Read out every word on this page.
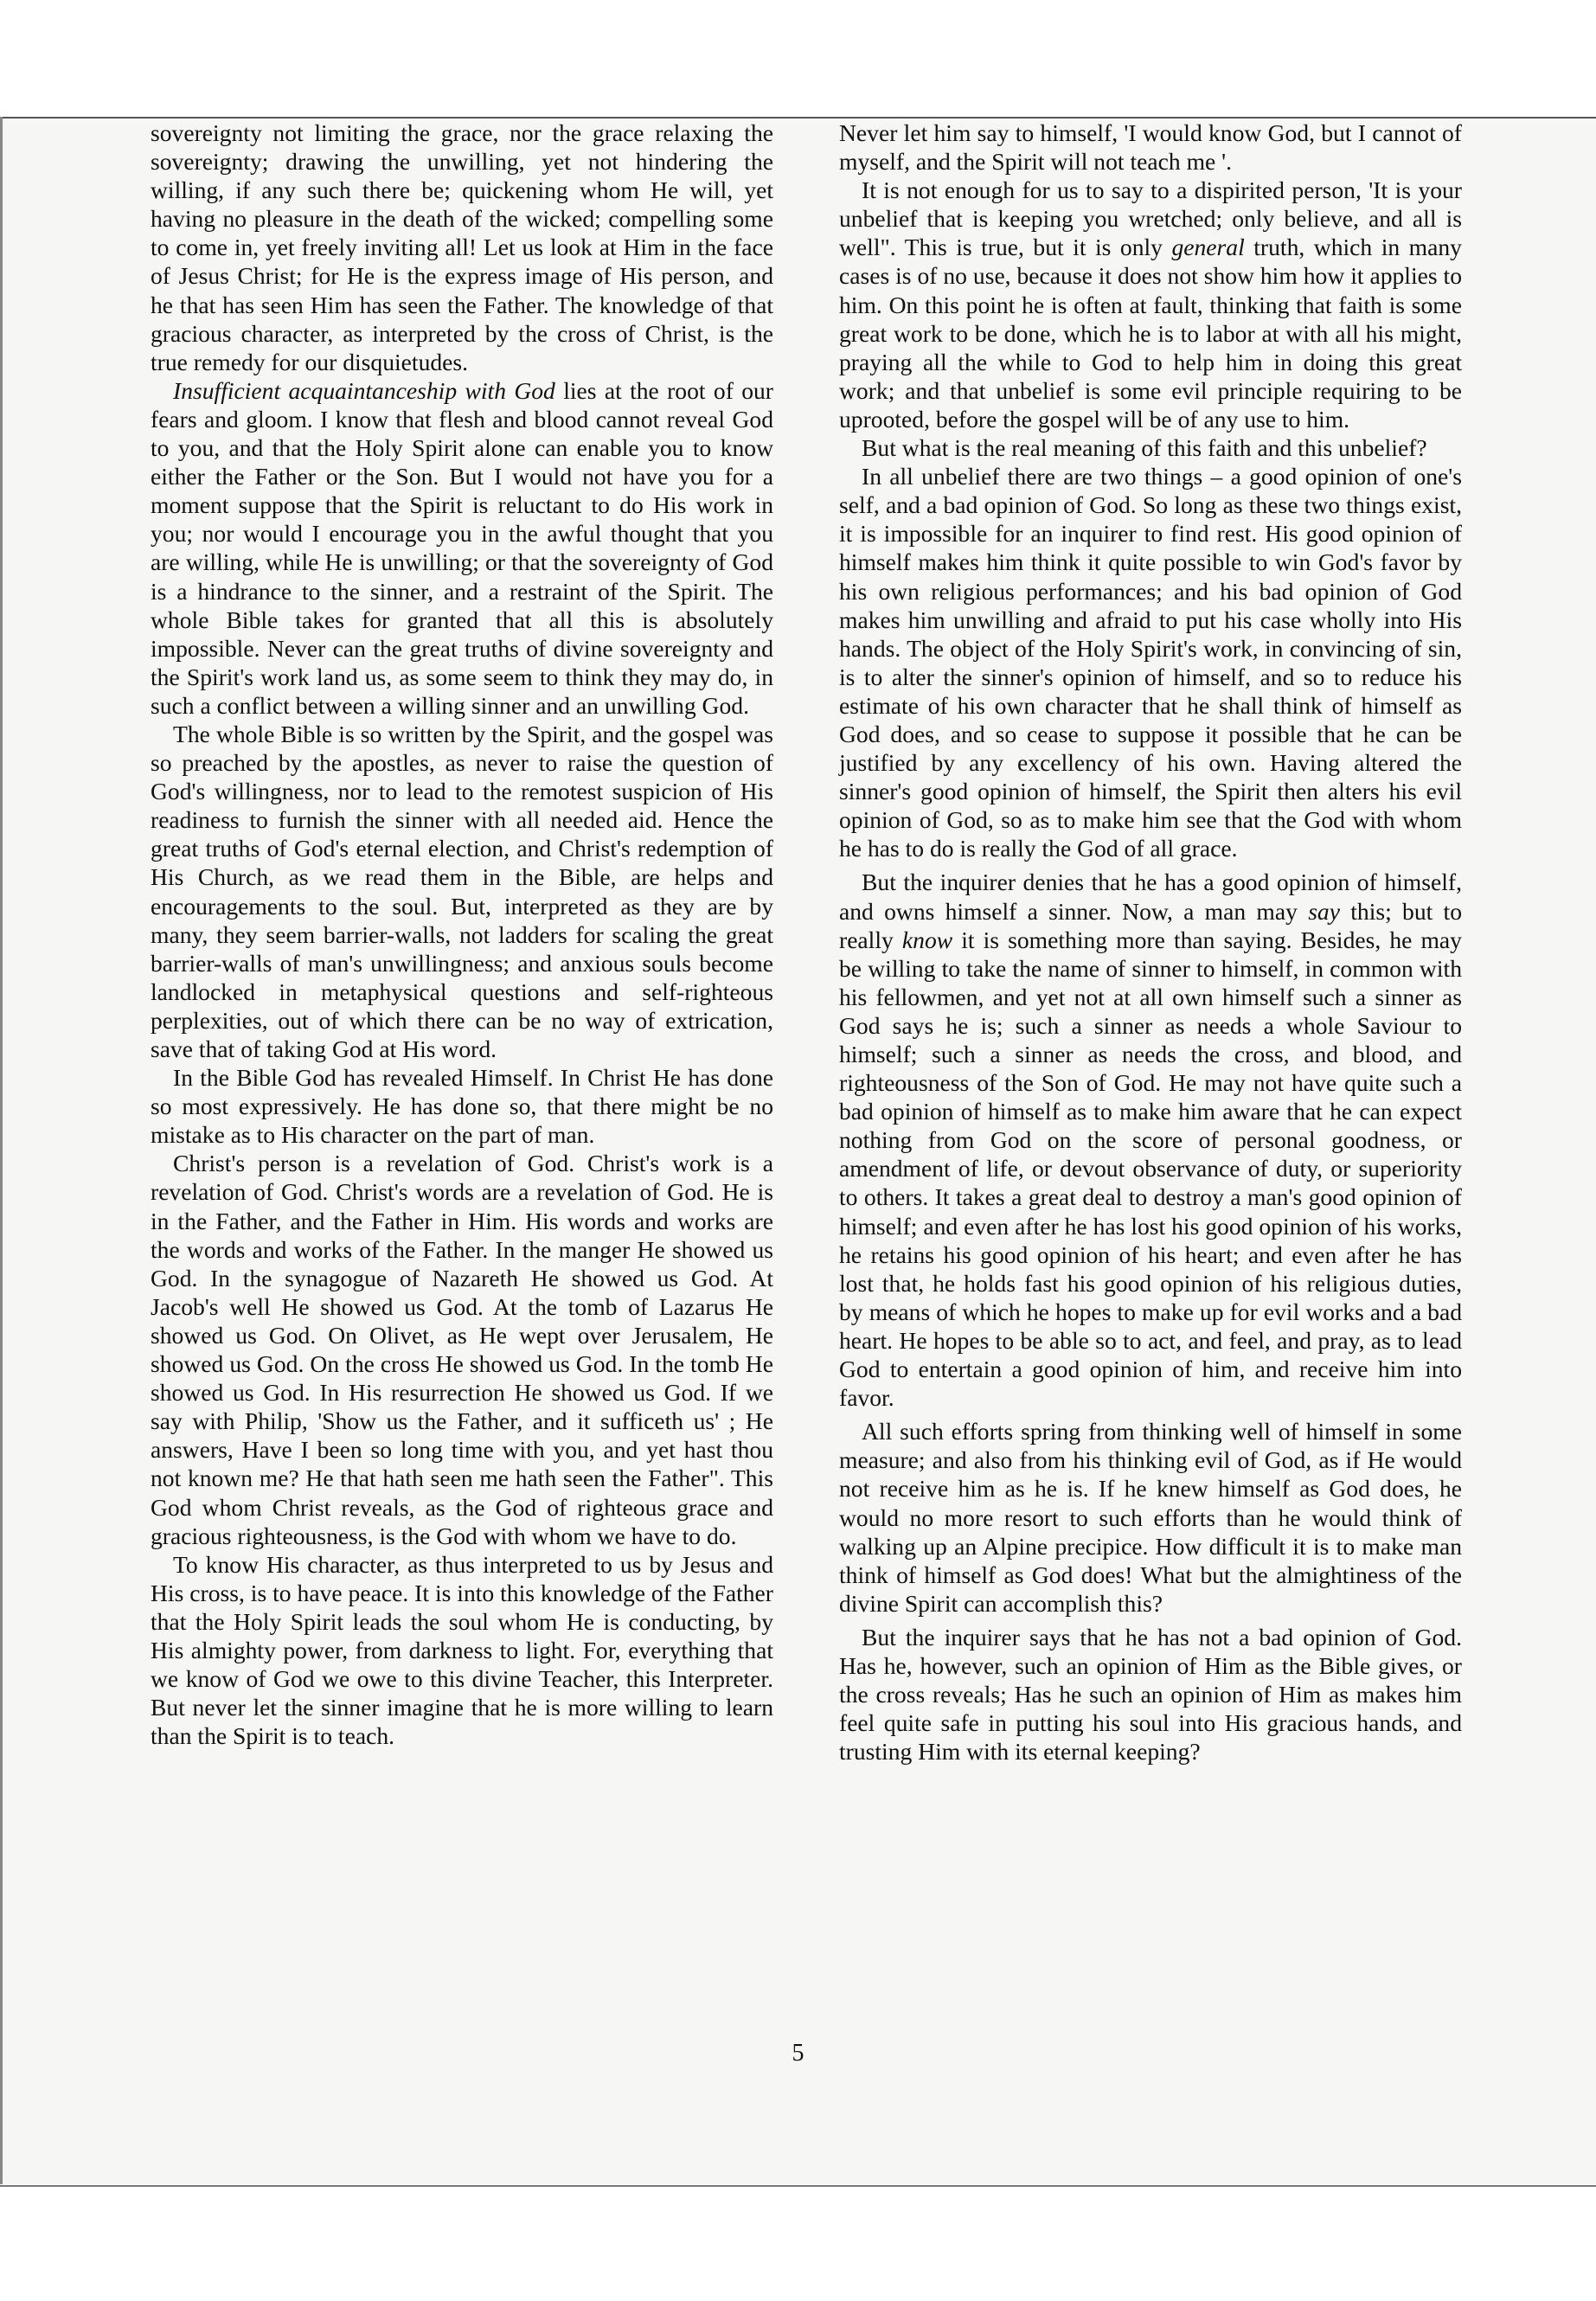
sovereignty not limiting the grace, nor the grace relaxing the sovereignty; drawing the unwilling, yet not hindering the willing, if any such there be; quickening whom He will, yet having no pleasure in the death of the wicked; compelling some to come in, yet freely inviting all! Let us look at Him in the face of Jesus Christ; for He is the express image of His person, and he that has seen Him has seen the Father. The knowledge of that gracious character, as interpreted by the cross of Christ, is the true remedy for our disquietudes.

Insufficient acquaintanceship with God lies at the root of our fears and gloom. I know that flesh and blood cannot reveal God to you, and that the Holy Spirit alone can enable you to know either the Father or the Son. But I would not have you for a moment suppose that the Spirit is reluctant to do His work in you; nor would I encourage you in the awful thought that you are willing, while He is unwilling; or that the sovereignty of God is a hindrance to the sinner, and a restraint of the Spirit. The whole Bible takes for granted that all this is absolutely impossible. Never can the great truths of divine sovereignty and the Spirit's work land us, as some seem to think they may do, in such a conflict between a willing sinner and an unwilling God.

The whole Bible is so written by the Spirit, and the gospel was so preached by the apostles, as never to raise the question of God's willingness, nor to lead to the remotest suspicion of His readiness to furnish the sinner with all needed aid. Hence the great truths of God's eternal election, and Christ's redemption of His Church, as we read them in the Bible, are helps and encouragements to the soul. But, interpreted as they are by many, they seem barrier-walls, not ladders for scaling the great barrier-walls of man's unwillingness; and anxious souls become landlocked in metaphysical questions and self-righteous perplexities, out of which there can be no way of extrication, save that of taking God at His word.

In the Bible God has revealed Himself. In Christ He has done so most expressively. He has done so, that there might be no mistake as to His character on the part of man.

Christ's person is a revelation of God. Christ's work is a revelation of God. Christ's words are a revelation of God. He is in the Father, and the Father in Him. His words and works are the words and works of the Father. In the manger He showed us God. In the synagogue of Nazareth He showed us God. At Jacob's well He showed us God. At the tomb of Lazarus He showed us God. On Olivet, as He wept over Jerusalem, He showed us God. On the cross He showed us God. In the tomb He showed us God. In His resurrection He showed us God. If we say with Philip, 'Show us the Father, and it sufficeth us' ; He answers, Have I been so long time with you, and yet hast thou not known me? He that hath seen me hath seen the Father". This God whom Christ reveals, as the God of righteous grace and gracious righteousness, is the God with whom we have to do.

To know His character, as thus interpreted to us by Jesus and His cross, is to have peace. It is into this knowledge of the Father that the Holy Spirit leads the soul whom He is conducting, by His almighty power, from darkness to light. For, everything that we know of God we owe to this divine Teacher, this Interpreter. But never let the sinner imagine that he is more willing to learn than the Spirit is to teach.

Never let him say to himself, 'I would know God, but I cannot of myself, and the Spirit will not teach me '.

It is not enough for us to say to a dispirited person, 'It is your unbelief that is keeping you wretched; only believe, and all is well". This is true, but it is only general truth, which in many cases is of no use, because it does not show him how it applies to him. On this point he is often at fault, thinking that faith is some great work to be done, which he is to labor at with all his might, praying all the while to God to help him in doing this great work; and that unbelief is some evil principle requiring to be uprooted, before the gospel will be of any use to him.

But what is the real meaning of this faith and this unbelief?

In all unbelief there are two things – a good opinion of one's self, and a bad opinion of God. So long as these two things exist, it is impossible for an inquirer to find rest. His good opinion of himself makes him think it quite possible to win God's favor by his own religious performances; and his bad opinion of God makes him unwilling and afraid to put his case wholly into His hands. The object of the Holy Spirit's work, in convincing of sin, is to alter the sinner's opinion of himself, and so to reduce his estimate of his own character that he shall think of himself as God does, and so cease to suppose it possible that he can be justified by any excellency of his own. Having altered the sinner's good opinion of himself, the Spirit then alters his evil opinion of God, so as to make him see that the God with whom he has to do is really the God of all grace.

But the inquirer denies that he has a good opinion of himself, and owns himself a sinner. Now, a man may say this; but to really know it is something more than saying. Besides, he may be willing to take the name of sinner to himself, in common with his fellowmen, and yet not at all own himself such a sinner as God says he is; such a sinner as needs a whole Saviour to himself; such a sinner as needs the cross, and blood, and righteousness of the Son of God. He may not have quite such a bad opinion of himself as to make him aware that he can expect nothing from God on the score of personal goodness, or amendment of life, or devout observance of duty, or superiority to others. It takes a great deal to destroy a man's good opinion of himself; and even after he has lost his good opinion of his works, he retains his good opinion of his heart; and even after he has lost that, he holds fast his good opinion of his religious duties, by means of which he hopes to make up for evil works and a bad heart. He hopes to be able so to act, and feel, and pray, as to lead God to entertain a good opinion of him, and receive him into favor.

All such efforts spring from thinking well of himself in some measure; and also from his thinking evil of God, as if He would not receive him as he is. If he knew himself as God does, he would no more resort to such efforts than he would think of walking up an Alpine precipice. How difficult it is to make man think of himself as God does! What but the almightiness of the divine Spirit can accomplish this?

But the inquirer says that he has not a bad opinion of God. Has he, however, such an opinion of Him as the Bible gives, or the cross reveals; Has he such an opinion of Him as makes him feel quite safe in putting his soul into His gracious hands, and trusting Him with its eternal keeping?

5
